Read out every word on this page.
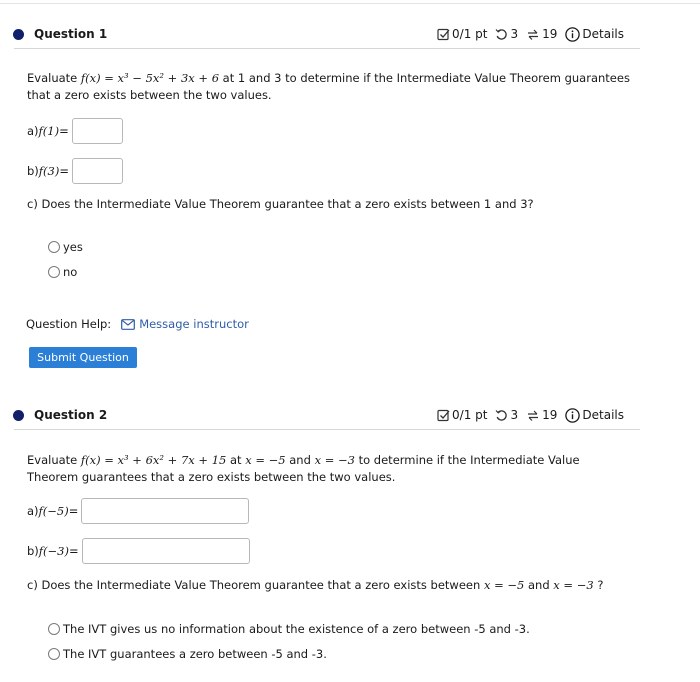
Question 1	0/1 pt 3 19 Details
Evaluate f(x) = x³ − 5x² + 3x + 6 at 1 and 3 to determine if the Intermediate Value Theorem guarantees
that a zero exists between the two values.
a) f(1) =
b) f(3) =
c) Does the Intermediate Value Theorem guarantee that a zero exists between 1 and 3?
yes
no
Question Help: Message instructor
Submit Question
Question 2	0/1 pt 3 19 Details
Evaluate f(x) = x³ + 6x² + 7x + 15 at x = −5 and x = −3 to determine if the Intermediate Value
Theorem guarantees that a zero exists between the two values.
a) f(−5) =
b) f(−3) =
c) Does the Intermediate Value Theorem guarantee that a zero exists between x = −5 and x = −3 ?
The IVT gives us no information about the existence of a zero between -5 and -3.
The IVT guarantees a zero between -5 and -3.
